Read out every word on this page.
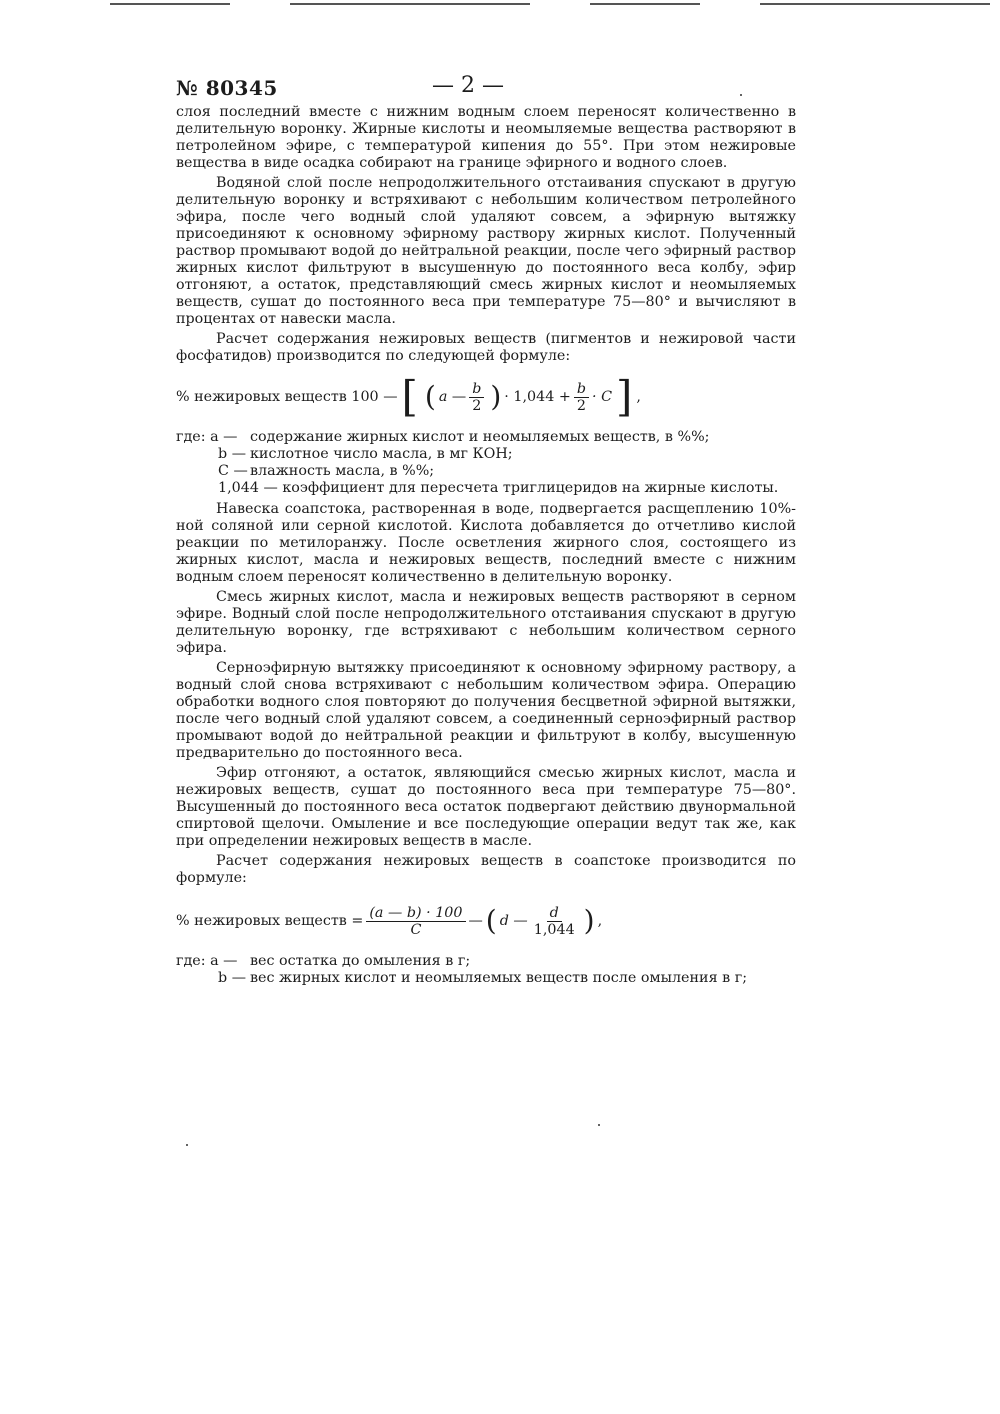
№ 80345	— 2 —

слоя последний вместе с нижним водным слоем переносят количественно в делительную воронку. Жирные кислоты и неомыляемые вещества растворяют в петролейном эфире, с температурой кипения до 55°. При этом нежировые вещества в виде осадка собирают на границе эфирного и водного слоев.

Водяной слой после непродолжительного отстаивания спускают в другую делительную воронку и встряхивают с небольшим количеством петролейного эфира, после чего водный слой удаляют совсем, а эфирную вытяжку присоединяют к основному эфирному раствору жирных кислот. Полученный раствор промывают водой до нейтральной реакции, после чего эфирный раствор жирных кислот фильтруют в высушенную до постоянного веса колбу, эфир отгоняют, а остаток, представляющий смесь жирных кислот и неомыляемых веществ, сушат до постоянного веса при температуре 75—80° и вычисляют в процентах от навески масла.

Расчет содержания нежировых веществ (пигментов и нежировой части фосфатидов) производится по следующей формуле:

% нежировых веществ 100 — [ ( a
— $\frac{b}{2}$ ) · $1,044 + \frac{b}{2} \cdot C$ ] ,
где: a — содержание жирных кислот и неомыляемых веществ, в %%;
b — кислотное число масла, в мг КОН;
C — влажность масла, в %%;
1,044 — коэффициент для пересчета триглицеридов на жирные кислоты.

Навеска соапстока, растворенная в воде, подвергается расщеплению 10%-ной соляной или серной кислотой. Кислота добавляется до отчетливо кислой реакции по метилоранжу. После осветления жирного слоя, состоящего из жирных кислот, масла и нежировых веществ, последний вместе с нижним водным слоем переносят количественно в делительную воронку.

Смесь жирных кислот, масла и нежировых веществ растворяют в серном эфире. Водный слой после непродолжительного отстаивания спускают в другую делительную воронку, где встряхивают с небольшим количеством серного эфира.

Серноэфирную вытяжку присоединяют к основному эфирному раствору, а водный слой снова встряхивают с небольшим количеством эфира. Операцию обработки водного слоя повторяют до получения бесцветной эфирной вытяжки, после чего водный слой удаляют совсем, а соединенный серноэфирный раствор промывают водой до нейтральной реакции и фильтруют в колбу, высушенную предварительно до постоянного веса.

Эфир отгоняют, а остаток, являющийся смесью жирных кислот, масла и нежировых веществ, сушат до постоянного веса при температуре 75—80°. Высушенный до постоянного веса остаток подвергают действию двунормальной спиртовой щелочи. Омыление и все последующие операции ведут так же, как при определении нежировых веществ в масле.

Расчет содержания нежировых веществ в соапстоке производится по формуле:

% нежировых веществ = $\frac{(a — b) \cdot 100}{C}$ — ( d — $\frac{d}{1,044}$ ) ,
где: a — вес остатка до омыления в г;
b — вес жирных кислот и неомыляемых веществ после омыления в г;
